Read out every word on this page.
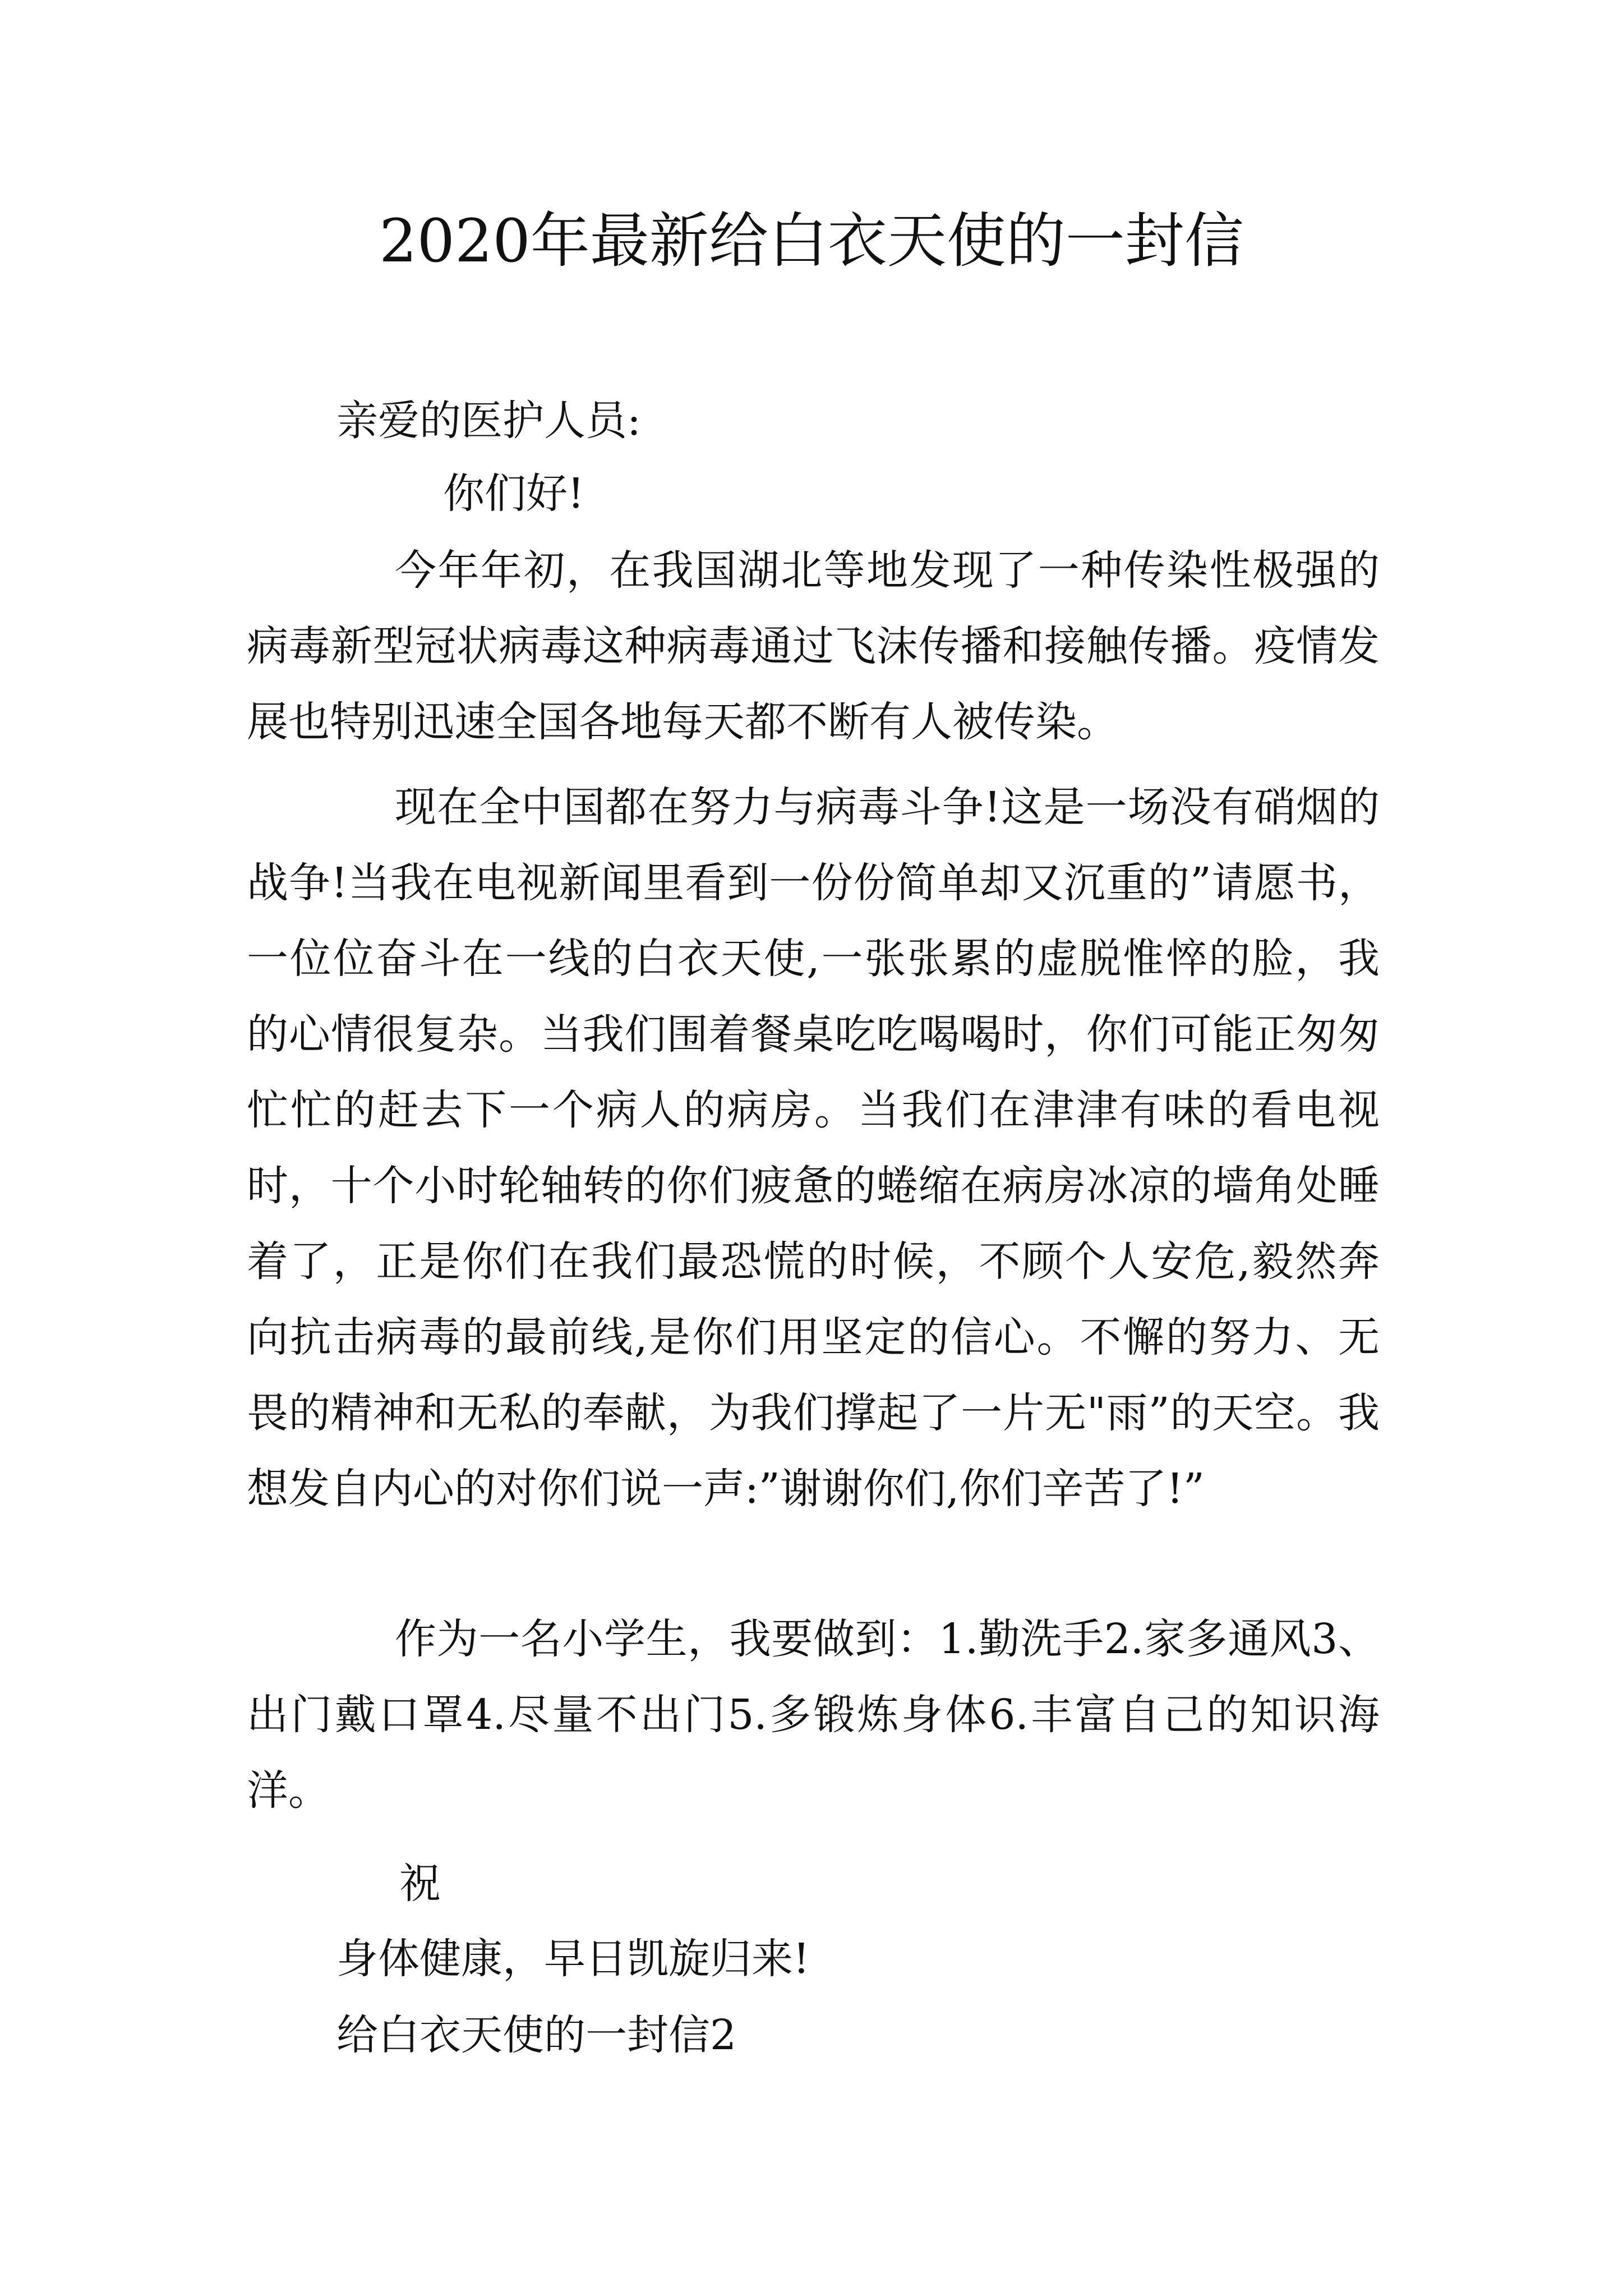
2020年最新给白衣天使的一封信

亲爱的医护人员:

你们好!

今年年初，在我国湖北等地发现了一种传染性极强的病毒新型冠状病毒这种病毒通过飞沫传播和接触传播。疫情发展也特别迅速全国各地每天都不断有人被传染。

现在全中国都在努力与病毒斗争!这是一场没有硝烟的战争!当我在电视新闻里看到一份份简单却又沉重的”请愿书，一位位奋斗在一线的白衣天使,一张张累的虚脱惟悴的脸，我的心情很复杂。当我们围着餐桌吃吃喝喝时，你们可能正匆匆忙忙的赶去下一个病人的病房。当我们在津津有味的看电视时，十个小时轮轴转的你们疲惫的蜷缩在病房冰凉的墙角处睡着了，正是你们在我们最恐慌的时候，不顾个人安危,毅然奔向抗击病毒的最前线,是你们用坚定的信心。不懈的努力、无畏的精神和无私的奉献，为我们撑起了一片无"雨”的天空。我想发自内心的对你们说一声:”谢谢你们,你们辛苦了!”

作为一名小学生，我要做到：1.勤洗手2.家多通风3、出门戴口罩4.尽量不出门5.多锻炼身体6.丰富自己的知识海洋。

祝

身体健康，早日凯旋归来!

给白衣天使的一封信2
